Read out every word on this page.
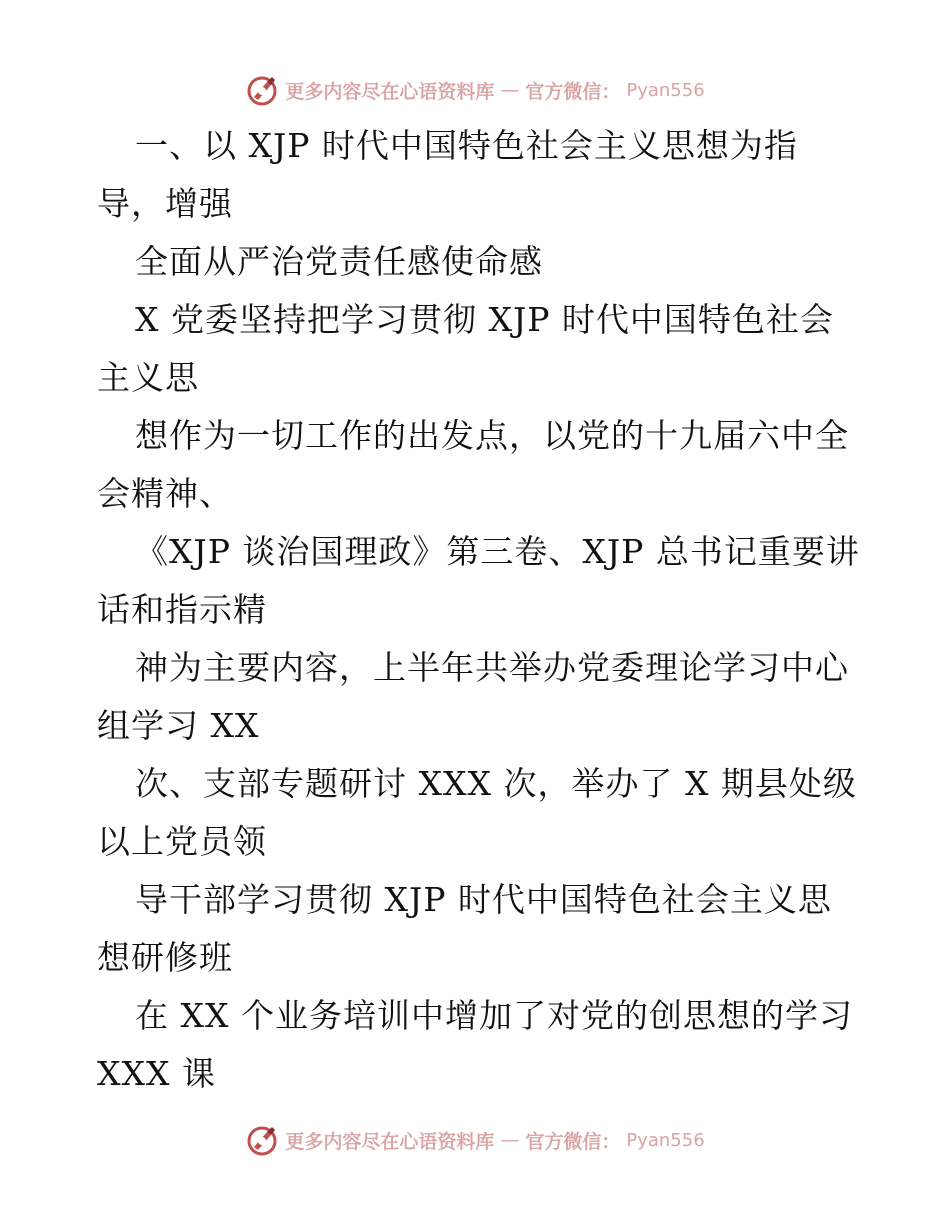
更多内容尽在心语资料库 — 官方微信： Pyan556
一、以 XJP 时代中国特色社会主义思想为指
导，增强
全面从严治党责任感使命感
X 党委坚持把学习贯彻 XJP 时代中国特色社会
主义思
想作为一切工作的出发点，以党的十九届六中全
会精神、
《XJP 谈治国理政》第三卷、XJP 总书记重要讲
话和指示精
神为主要内容，上半年共举办党委理论学习中心
组学习 XX
次、支部专题研讨 XXX 次，举办了 X 期县处级
以上党员领
导干部学习贯彻 XJP 时代中国特色社会主义思
想研修班
在 XX 个业务培训中增加了对党的创思想的学习
XXX 课
更多内容尽在心语资料库 — 官方微信： Pyan556
